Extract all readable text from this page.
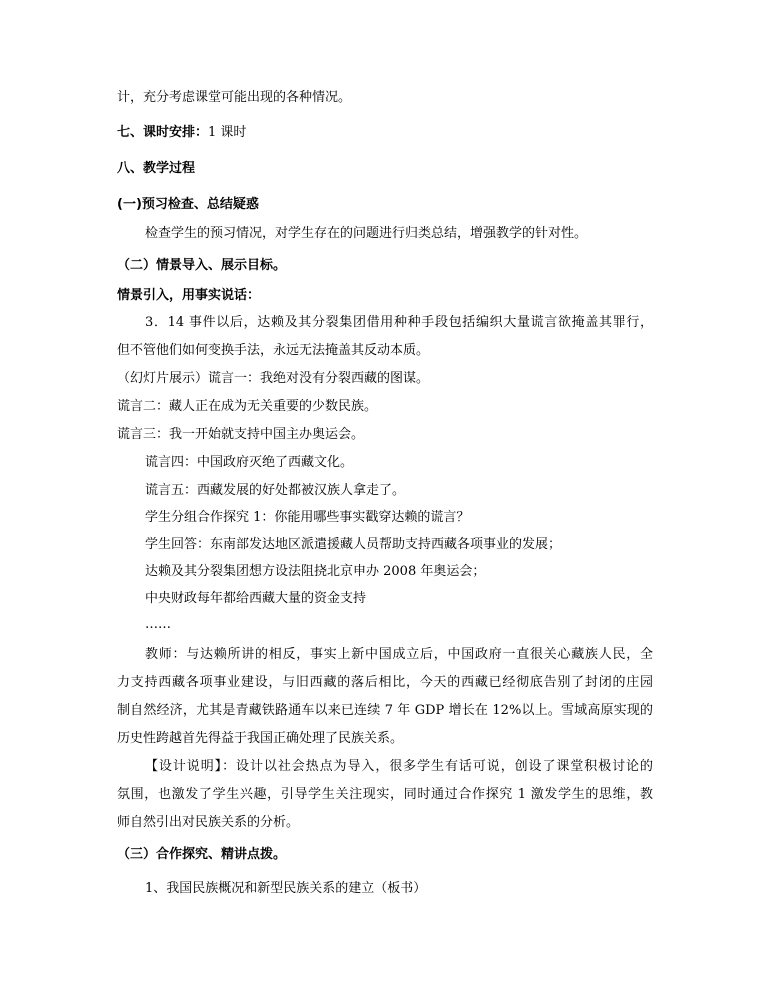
计，充分考虑课堂可能出现的各种情况。
七、课时安排：1 课时
八、教学过程
(一)预习检查、总结疑惑
检查学生的预习情况，对学生存在的问题进行归类总结，增强教学的针对性。
（二）情景导入、展示目标。
情景引入，用事实说话：
3．14 事件以后，达赖及其分裂集团借用种种手段包括编织大量谎言欲掩盖其罪行，
但不管他们如何变换手法，永远无法掩盖其反动本质。
（幻灯片展示）谎言一：我绝对没有分裂西藏的图谋。
谎言二：藏人正在成为无关重要的少数民族。
谎言三：我一开始就支持中国主办奥运会。
谎言四：中国政府灭绝了西藏文化。
谎言五：西藏发展的好处都被汉族人拿走了。
学生分组合作探究 1：你能用哪些事实戳穿达赖的谎言？
学生回答：东南部发达地区派遣援藏人员帮助支持西藏各项事业的发展；
达赖及其分裂集团想方设法阻挠北京申办 2008 年奥运会；
中央财政每年都给西藏大量的资金支持
……
教师：与达赖所讲的相反，事实上新中国成立后，中国政府一直很关心藏族人民，全
力支持西藏各项事业建设，与旧西藏的落后相比，今天的西藏已经彻底告别了封闭的庄园
制自然经济，尤其是青藏铁路通车以来已连续 7 年 GDP 增长在 12%以上。雪域高原实现的
历史性跨越首先得益于我国正确处理了民族关系。
【设计说明】：设计以社会热点为导入，很多学生有话可说，创设了课堂积极讨论的
氛围，也激发了学生兴趣，引导学生关注现实，同时通过合作探究 1 激发学生的思维，教
师自然引出对民族关系的分析。
（三）合作探究、精讲点拨。
1、我国民族概况和新型民族关系的建立（板书）
